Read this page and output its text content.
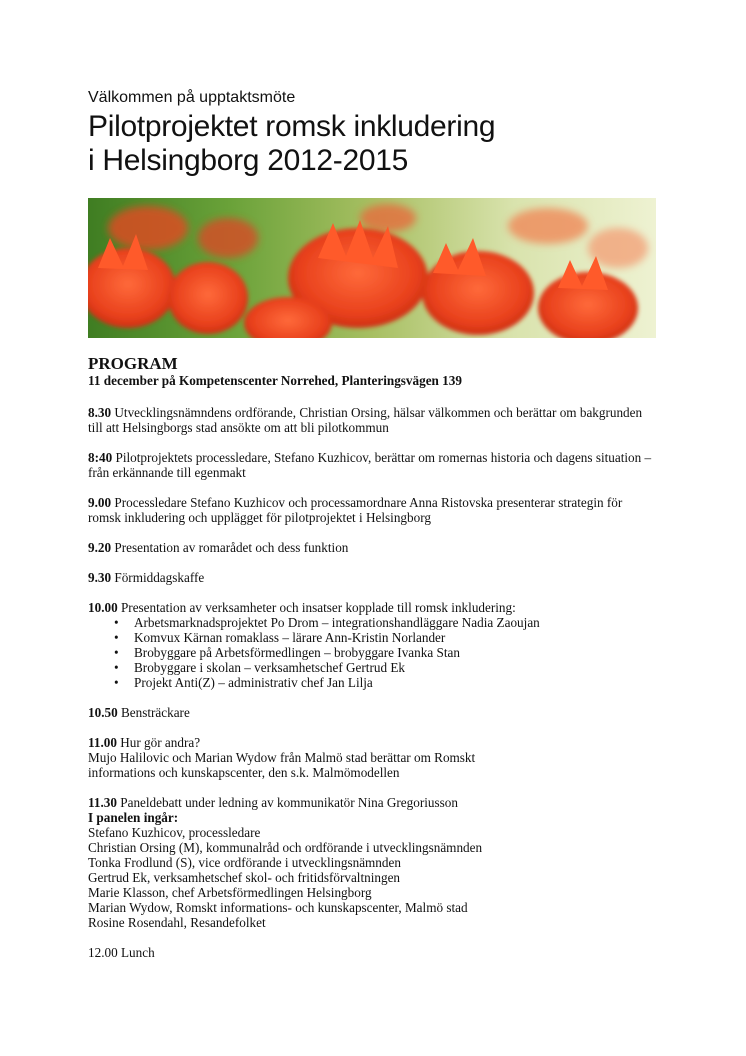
Välkommen på upptaktsmöte

Pilotprojektet romsk inkludering
i Helsingborg 2012-2015
PROGRAM
11 december på Kompetenscenter Norrehed, Planteringsvägen 139
8.30 Utvecklingsnämndens ordförande, Christian Orsing, hälsar välkommen och berättar om bakgrunden till att Helsingborgs stad ansökte om att bli pilotkommun
8:40 Pilotprojektets processledare, Stefano Kuzhicov, berättar om romernas historia och dagens situation – från erkännande till egenmakt
9.00 Processledare Stefano Kuzhicov och processamordnare Anna Ristovska presenterar strategin för romsk inkludering och upplägget för pilotprojektet i Helsingborg
9.20 Presentation av romarådet och dess funktion
9.30 Förmiddagskaffe
10.00 Presentation av verksamheter och insatser kopplade till romsk inkludering:
• Arbetsmarknadsprojektet Po Drom – integrationshandläggare Nadia Zaoujan
• Komvux Kärnan romaklass – lärare Ann-Kristin Norlander
• Brobyggare på Arbetsförmedlingen – brobyggare Ivanka Stan
• Brobyggare i skolan – verksamhetschef Gertrud Ek
• Projekt Anti(Z) – administrativ chef Jan Lilja
10.50 Bensträckare
11.00 Hur gör andra?
Mujo Halilovic och Marian Wydow från Malmö stad berättar om Romskt
informations och kunskapscenter, den s.k. Malmömodellen
11.30 Paneldebatt under ledning av kommunikatör Nina Gregoriusson
I panelen ingår:
Stefano Kuzhicov, processledare
Christian Orsing (M), kommunalråd och ordförande i utvecklingsnämnden
Tonka Frodlund (S), vice ordförande i utvecklingsnämnden
Gertrud Ek, verksamhetschef skol- och fritidsförvaltningen
Marie Klasson, chef Arbetsförmedlingen Helsingborg
Marian Wydow, Romskt informations- och kunskapscenter, Malmö stad
Rosine Rosendahl, Resandefolket
12.00 Lunch
